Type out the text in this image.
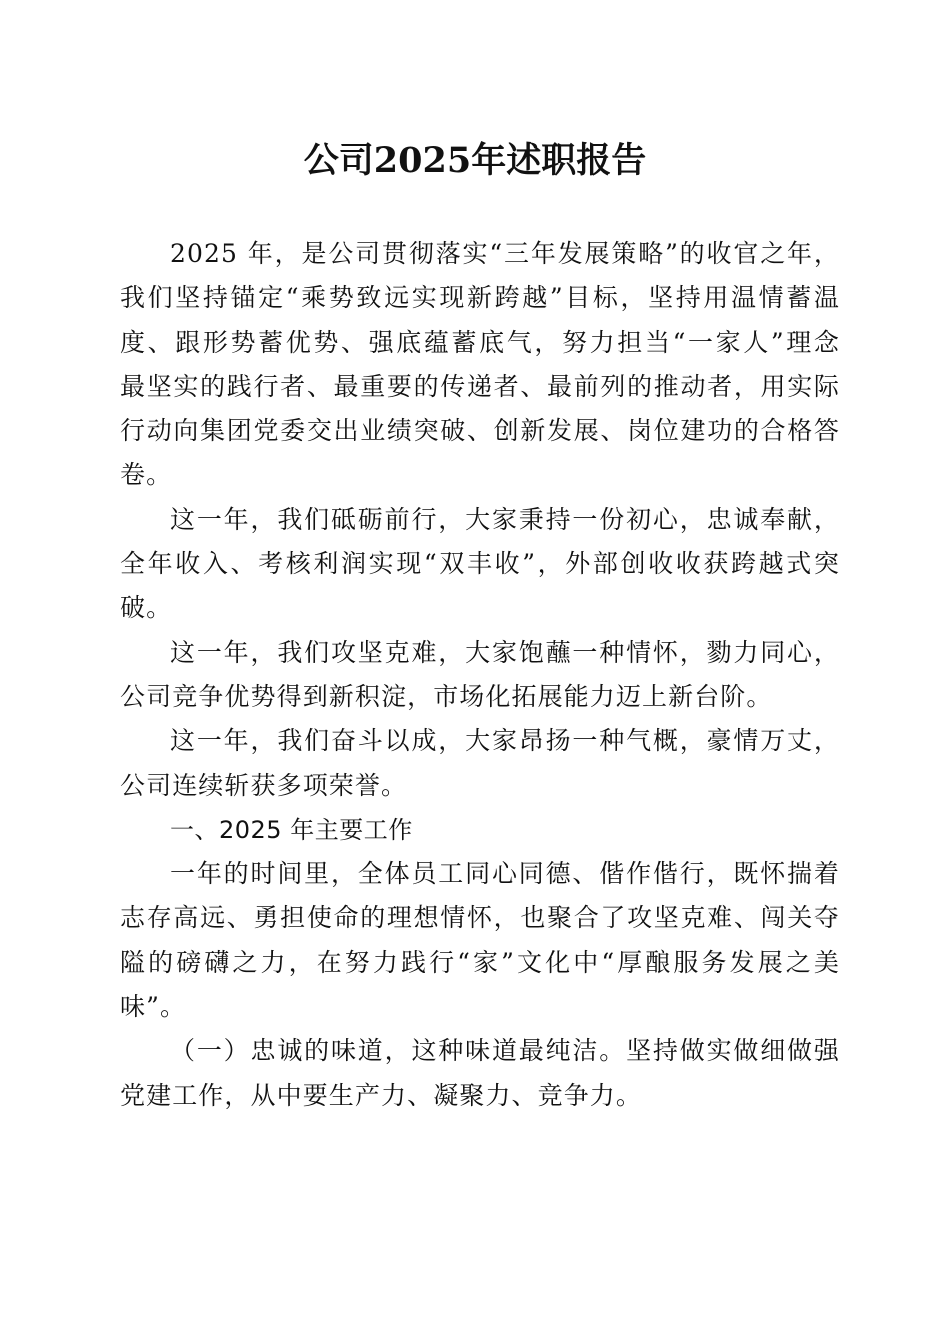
公司2025年述职报告
2025 年，是公司贯彻落实“三年发展策略”的收官之年，
我们坚持锚定“乘势致远实现新跨越”目标，坚持用温情蓄温
度、跟形势蓄优势、强底蕴蓄底气，努力担当“一家人”理念
最坚实的践行者、最重要的传递者、最前列的推动者，用实际
行动向集团党委交出业绩突破、创新发展、岗位建功的合格答
卷。
这一年，我们砥砺前行，大家秉持一份初心，忠诚奉献，
全年收入、考核利润实现“双丰收”，外部创收收获跨越式突
破。
这一年，我们攻坚克难，大家饱蘸一种情怀，勠力同心，
公司竞争优势得到新积淀，市场化拓展能力迈上新台阶。
这一年，我们奋斗以成，大家昂扬一种气概，豪情万丈，
公司连续斩获多项荣誉。
一、2025 年主要工作
一年的时间里，全体员工同心同德、偕作偕行，既怀揣着
志存高远、勇担使命的理想情怀，也聚合了攻坚克难、闯关夺
隘的磅礴之力，在努力践行“家”文化中“厚酿服务发展之美
味”。
（一）忠诚的味道，这种味道最纯洁。坚持做实做细做强
党建工作，从中要生产力、凝聚力、竞争力。
